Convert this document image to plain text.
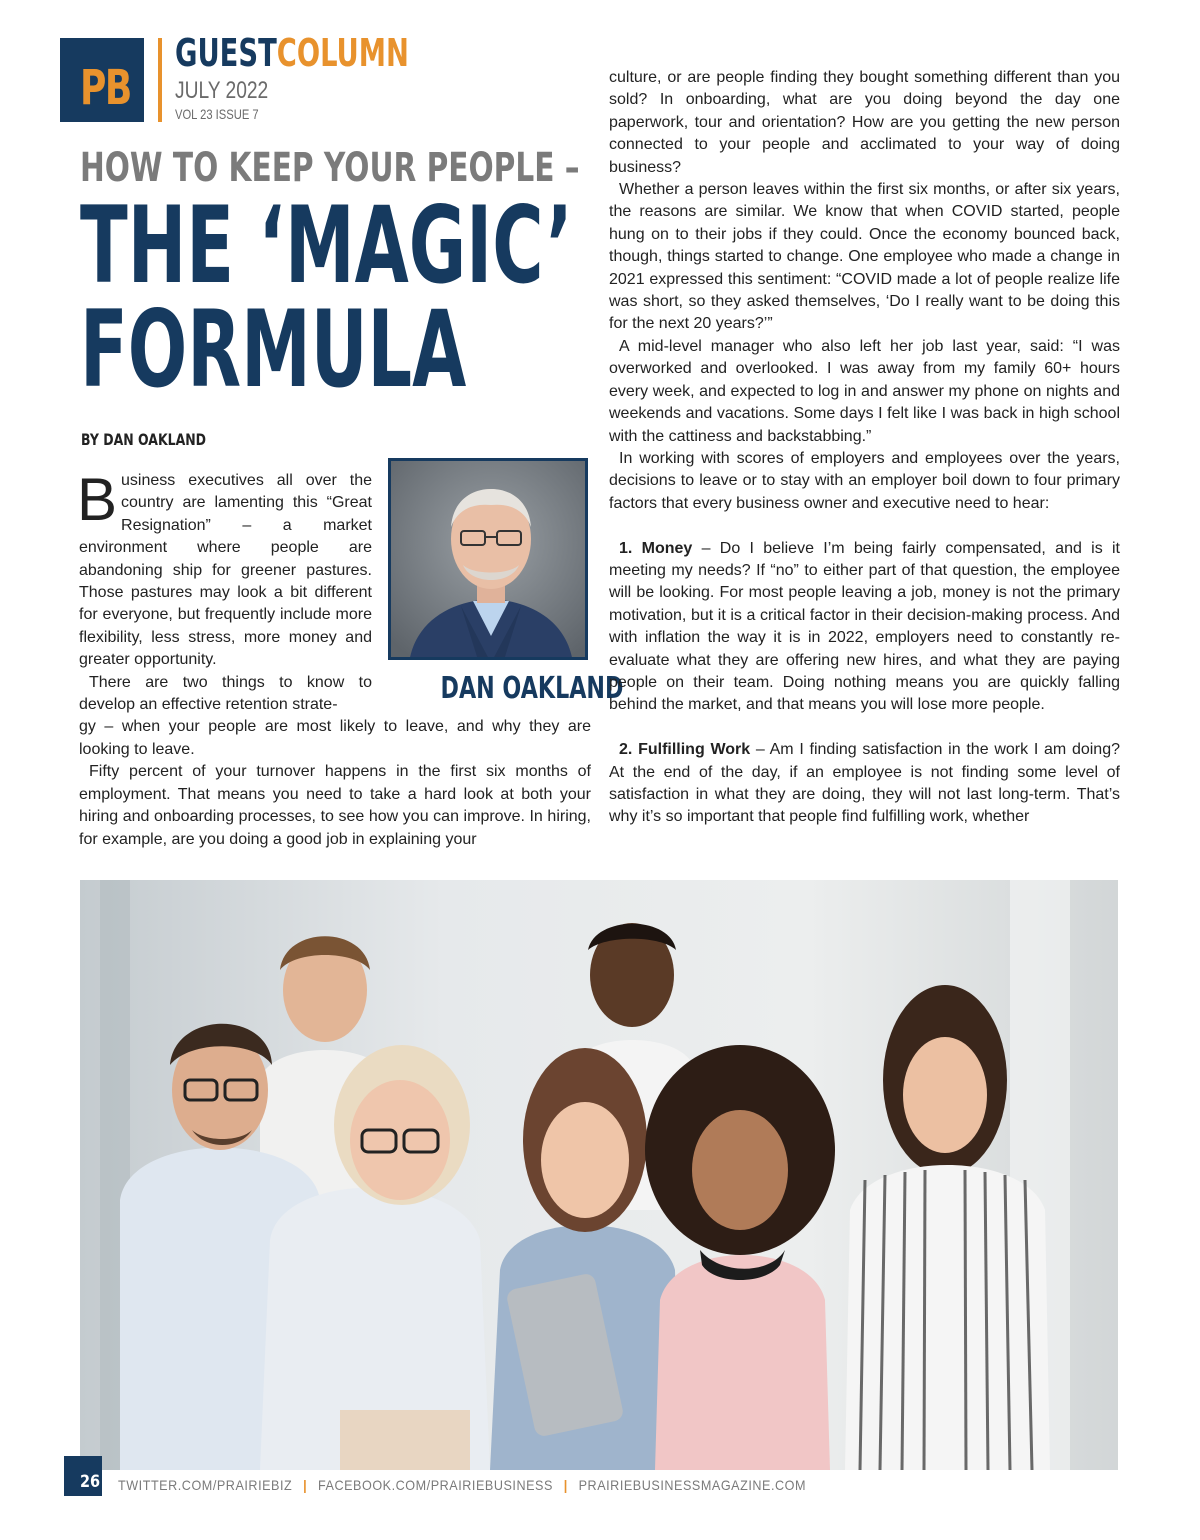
PB
GUESTCOLUMN
JULY 2022
VOL 23 ISSUE 7
HOW TO KEEP YOUR PEOPLE –
THE ‘MAGIC’
FORMULA
BY DAN OAKLAND
DAN OAKLAND
Business executives all over the country are lamenting this “Great Resignation” – a market environment where people are abandoning ship for greener pastures. Those pastures may look a bit different for everyone, but frequently include more flexibility, less stress, more money and greater opportunity.
There are two things to know to develop an effective retention strate-
gy – when your people are most likely to leave, and why they are looking to leave.
Fifty percent of your turnover happens in the first six months of employment. That means you need to take a hard look at both your hiring and onboarding processes, to see how you can improve. In hiring, for example, are you doing a good job in explaining your
culture, or are people finding they bought something different than you sold? In onboarding, what are you doing beyond the day one paperwork, tour and orientation? How are you getting the new person connected to your people and acclimated to your way of doing business?
Whether a person leaves within the first six months, or after six years, the reasons are similar. We know that when COVID started, people hung on to their jobs if they could. Once the economy bounced back, though, things started to change. One employee who made a change in 2021 expressed this sentiment: “COVID made a lot of people realize life was short, so they asked themselves, ‘Do I really want to be doing this for the next 20 years?’”
A mid-level manager who also left her job last year, said: “I was overworked and overlooked. I was away from my family 60+ hours every week, and expected to log in and answer my phone on nights and weekends and vacations. Some days I felt like I was back in high school with the cattiness and backstabbing.”
In working with scores of employers and employees over the years, decisions to leave or to stay with an employer boil down to four primary factors that every business owner and executive need to hear:
1. Money – Do I believe I’m being fairly compensated, and is it meeting my needs? If “no” to either part of that question, the employee will be looking. For most people leaving a job, money is not the primary motivation, but it is a critical factor in their decision-making process. And with inflation the way it is in 2022, employers need to constantly re-evaluate what they are offering new hires, and what they are paying people on their team. Doing nothing means you are quickly falling behind the market, and that means you will lose more people.
2. Fulfilling Work – Am I finding satisfaction in the work I am doing? At the end of the day, if an employee is not finding some level of satisfaction in what they are doing, they will not last long-term. That’s why it’s so important that people find fulfilling work, whether
26 TWITTER.COM/PRAIRIEBIZ | FACEBOOK.COM/PRAIRIEBUSINESS | PRAIRIEBUSINESSMAGAZINE.COM
